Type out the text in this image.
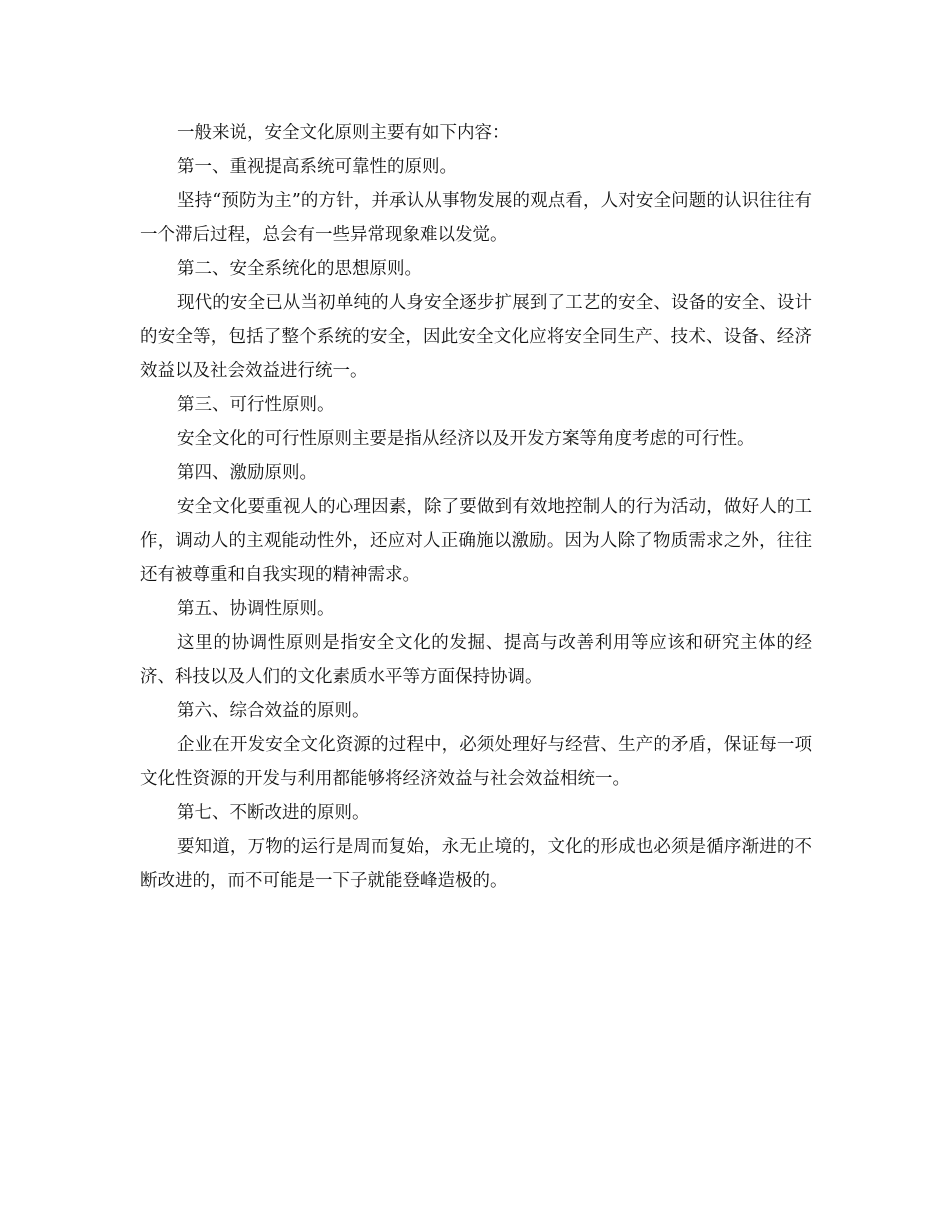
一般来说，安全文化原则主要有如下内容：

第一、重视提高系统可靠性的原则。

坚持“预防为主”的方针，并承认从事物发展的观点看，人对安全问题的认识往往有一个滞后过程，总会有一些异常现象难以发觉。

第二、安全系统化的思想原则。

现代的安全已从当初单纯的人身安全逐步扩展到了工艺的安全、设备的安全、设计的安全等，包括了整个系统的安全，因此安全文化应将安全同生产、技术、设备、经济效益以及社会效益进行统一。

第三、可行性原则。

安全文化的可行性原则主要是指从经济以及开发方案等角度考虑的可行性。

第四、激励原则。

安全文化要重视人的心理因素，除了要做到有效地控制人的行为活动，做好人的工作，调动人的主观能动性外，还应对人正确施以激励。因为人除了物质需求之外，往往还有被尊重和自我实现的精神需求。

第五、协调性原则。

这里的协调性原则是指安全文化的发掘、提高与改善利用等应该和研究主体的经济、科技以及人们的文化素质水平等方面保持协调。

第六、综合效益的原则。

企业在开发安全文化资源的过程中，必须处理好与经营、生产的矛盾，保证每一项文化性资源的开发与利用都能够将经济效益与社会效益相统一。

第七、不断改进的原则。

要知道，万物的运行是周而复始，永无止境的，文化的形成也必须是循序渐进的不断改进的，而不可能是一下子就能登峰造极的。
